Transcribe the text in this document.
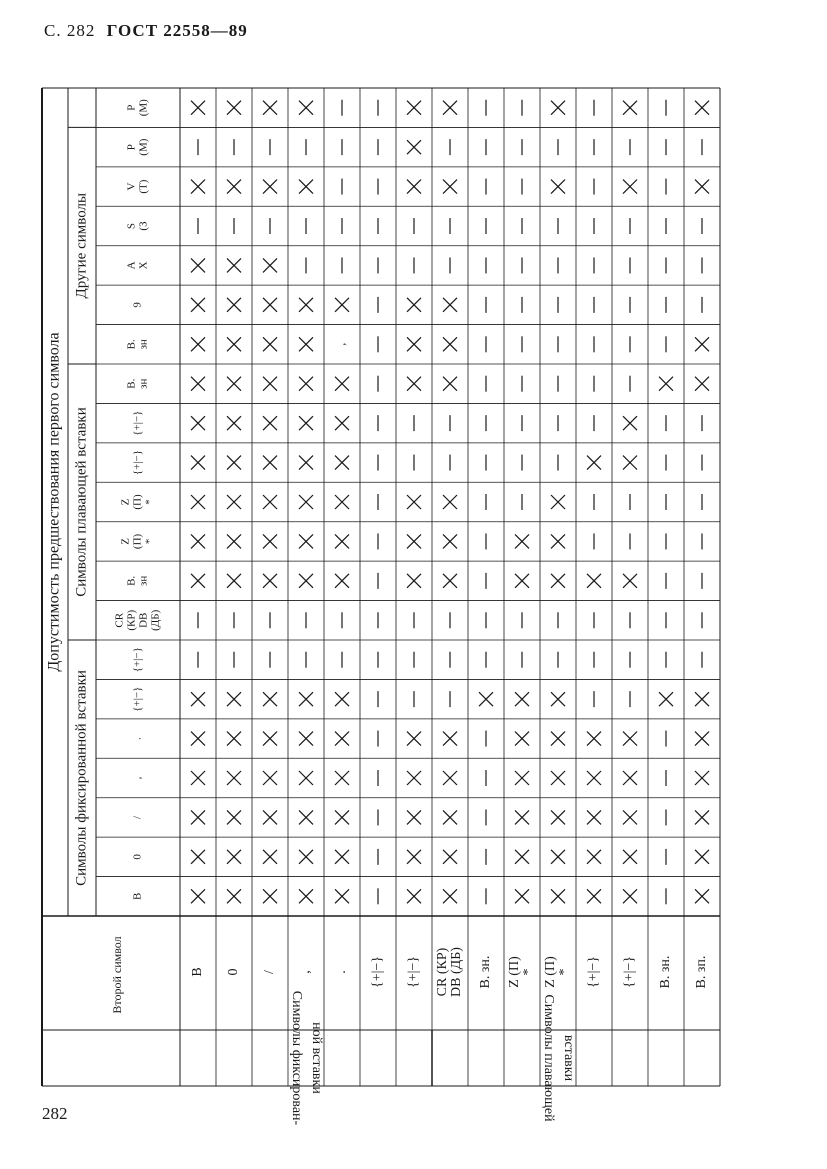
С. 282 ГОСТ 22558—89
Допустимость предшествования первого символа
Символы фиксированной вставки
Символы плавающей вставки
Другие символы
В
0
/
,
.
{+|−}
{+|−}
CR (КР) DB (ДБ)
В. зн
Z (П) *
Z (П) *
{+|−}
{+|−}
В. зн
В. зн
9
A X
S (З
V (T)
P (M)
P (M)
Второй символ	В 0 / , . {+|−} {+|−} CR (КР) DB (ДБ) В. зн. Z (П) * Z (П) * {+|−} {+|−} В. зн. В. зп.
Символы фиксирован- ной вставки	Символы плавающей вставки
,
282
